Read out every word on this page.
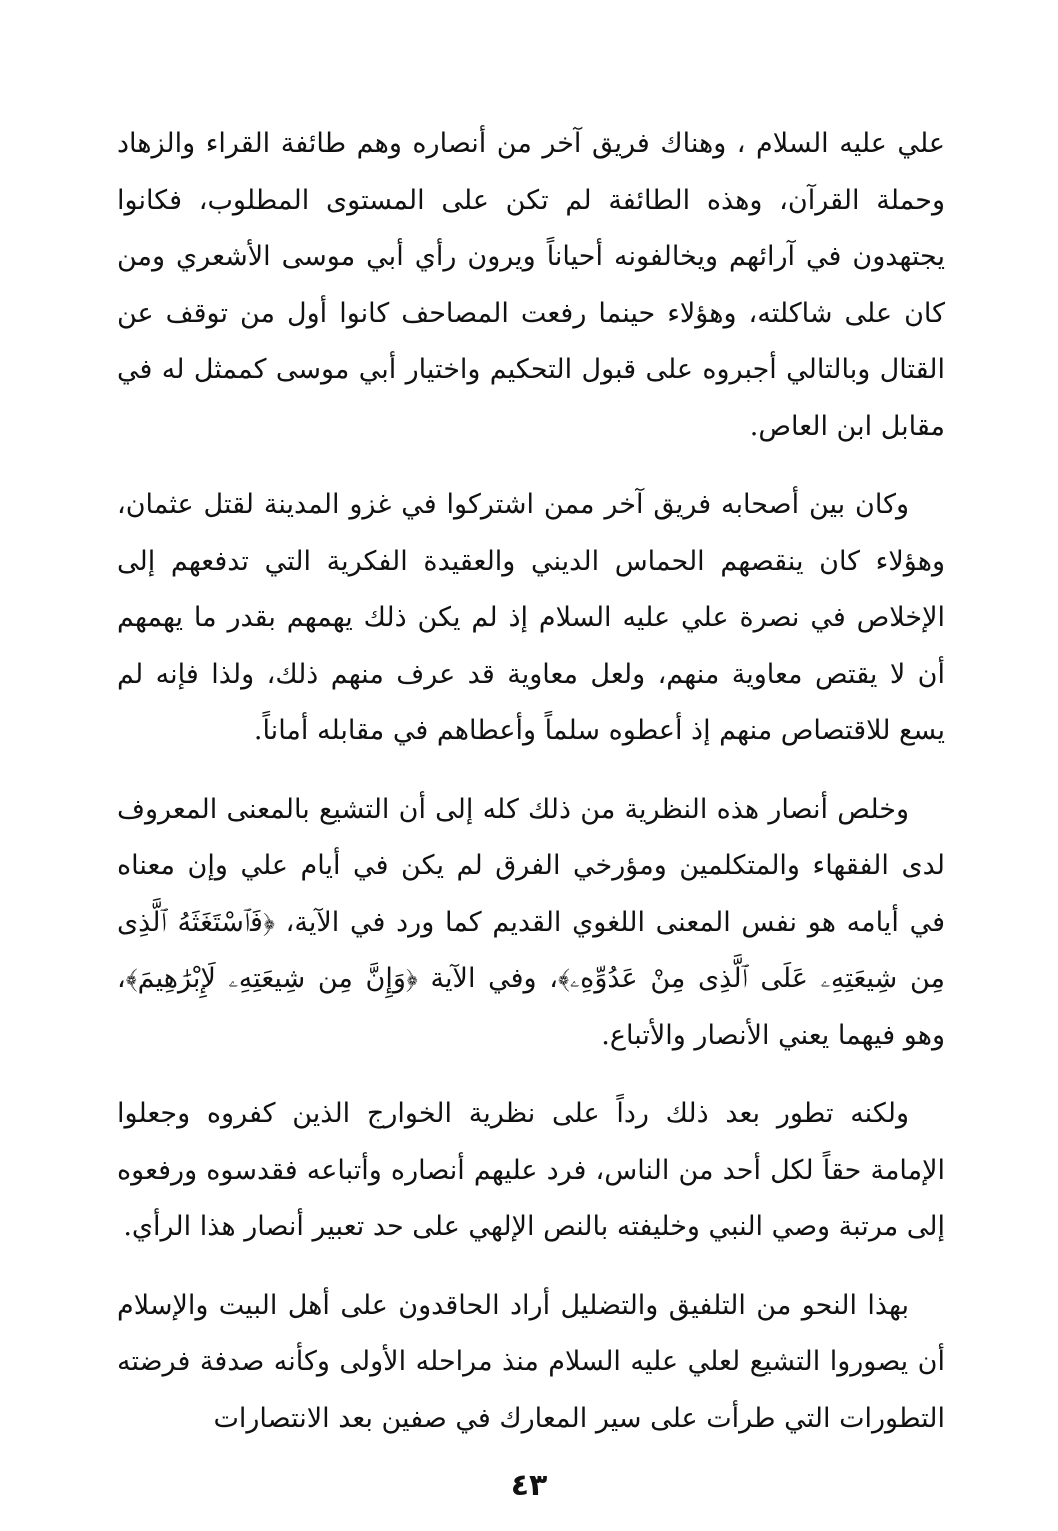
علي عليه السلام ، وهناك فريق آخر من أنصاره وهم طائفة القراء والزهاد وحملة القرآن، وهذه الطائفة لم تكن على المستوى المطلوب، فكانوا يجتهدون في آرائهم ويخالفونه أحياناً ويرون رأي أبي موسى الأشعري ومن كان على شاكلته، وهؤلاء حينما رفعت المصاحف كانوا أول من توقف عن القتال وبالتالي أجبروه على قبول التحكيم واختيار أبي موسى كممثل له في مقابل ابن العاص.

وكان بين أصحابه فريق آخر ممن اشتركوا في غزو المدينة لقتل عثمان، وهؤلاء كان ينقصهم الحماس الديني والعقيدة الفكرية التي تدفعهم إلى الإخلاص في نصرة علي عليه السلام إذ لم يكن ذلك يهمهم بقدر ما يهمهم أن لا يقتص معاوية منهم، ولعل معاوية قد عرف منهم ذلك، ولذا فإنه لم يسع للاقتصاص منهم إذ أعطوه سلماً وأعطاهم في مقابله أماناً.

وخلص أنصار هذه النظرية من ذلك كله إلى أن التشيع بالمعنى المعروف لدى الفقهاء والمتكلمين ومؤرخي الفرق لم يكن في أيام علي وإن معناه في أيامه هو نفس المعنى اللغوي القديم كما ورد في الآية، ﴿فَٱسْتَغَثَهُ ٱلَّذِى مِن شِيعَتِهِۦ عَلَى ٱلَّذِى مِنْ عَدُوِّهِۦ﴾، وفي الآية ﴿وَإِنَّ مِن شِيعَتِهِۦ لَإِبْرَٰهِيمَ﴾، وهو فيهما يعني الأنصار والأتباع.

ولكنه تطور بعد ذلك رداً على نظرية الخوارج الذين كفروه وجعلوا الإمامة حقاً لكل أحد من الناس، فرد عليهم أنصاره وأتباعه فقدسوه ورفعوه إلى مرتبة وصي النبي وخليفته بالنص الإلهي على حد تعبير أنصار هذا الرأي.

بهذا النحو من التلفيق والتضليل أراد الحاقدون على أهل البيت والإسلام أن يصوروا التشيع لعلي عليه السلام منذ مراحله الأولى وكأنه صدفة فرضته التطورات التي طرأت على سير المعارك في صفين بعد الانتصارات

٤٣
